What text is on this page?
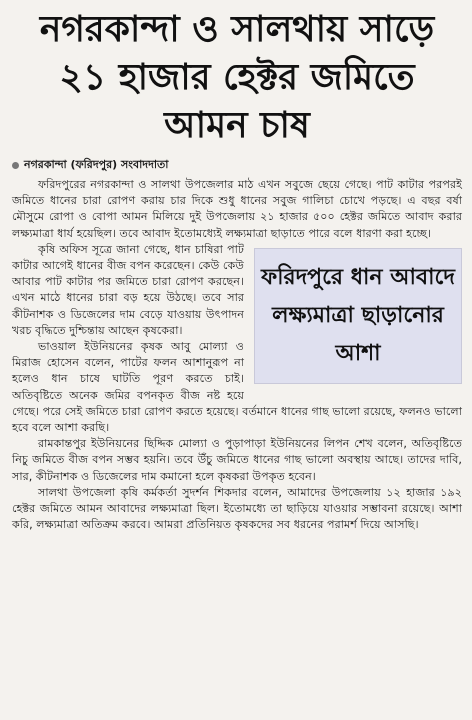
নগরকান্দা ও সালথায় সাড়ে ২১ হাজার হেক্টর জমিতে আমন চাষ
নগরকান্দা (ফরিদপুর) সংবাদদাতা

ফরিদপুরের নগরকান্দা ও সালথা উপজেলার মাঠ এখন সবুজে ছেয়ে গেছে। পাট কাটার পরপরই জমিতে ধানের চারা রোপণ করায় চার দিকে শুধু ধানের সবুজ গালিচা চোখে পড়ছে। এ বছর বর্ষা মৌসুমে রোপা ও বোপা আমন মিলিয়ে দুই উপজেলায় ২১ হাজার ৫০০ হেক্টর জমিতে আবাদ করার লক্ষ্যমাত্রা ধার্য হয়েছিল। তবে আবাদ ইতোমধ্যেই লক্ষ্যমাত্রা ছাড়াতে পারে বলে ধারণা করা হচ্ছে।

ফরিদপুরে ধান আবাদে লক্ষ্যমাত্রা ছাড়ানোর আশা

কৃষি অফিস সূত্রে জানা গেছে, ধান চাষিরা পাট কাটার আগেই ধানের বীজ বপন করেছেন। কেউ কেউ আবার পাট কাটার পর জমিতে চারা রোপণ করছেন। এখন মাঠে ধানের চারা বড় হয়ে উঠছে। তবে সার কীটনাশক ও ডিজেলের দাম বেড়ে যাওয়ায় উৎপাদন খরচ বৃদ্ধিতে দুশ্চিন্তায় আছেন কৃষকেরা।

ভাওয়াল ইউনিয়নের কৃষক আবু মোল্যা ও মিরাজ হোসেন বলেন, পাটের ফলন আশানুরূপ না হলেও ধান চাষে ঘাটতি পূরণ করতে চাই। অতিবৃষ্টিতে অনেক জমির বপনকৃত বীজ নষ্ট হয়ে গেছে। পরে সেই জমিতে চারা রোপণ করতে হয়েছে। বর্তমানে ধানের গাছ ভালো রয়েছে, ফলনও ভালো হবে বলে আশা করছি।

রামকান্তপুর ইউনিয়নের ছিদ্দিক মোল্যা ও পুড়াপাড়া ইউনিয়নের লিপন শেখ বলেন, অতিবৃষ্টিতে নিচু জমিতে বীজ বপন সম্ভব হয়নি। তবে উঁচু জমিতে ধানের গাছ ভালো অবস্থায় আছে। তাদের দাবি, সার, কীটনাশক ও ডিজেলের দাম কমানো হলে কৃষকরা উপকৃত হবেন।

সালথা উপজেলা কৃষি কর্মকর্তা সুদর্শন শিকদার বলেন, আমাদের উপজেলায় ১২ হাজার ১৯২ হেক্টর জমিতে আমন আবাদের লক্ষ্যমাত্রা ছিল। ইতোমধ্যে তা ছাড়িয়ে যাওয়ার সম্ভাবনা রয়েছে। আশা করি, লক্ষ্যমাত্রা অতিক্রম করবে। আমরা প্রতিনিয়ত কৃষকদের সব ধরনের পরামর্শ দিয়ে আসছি।
